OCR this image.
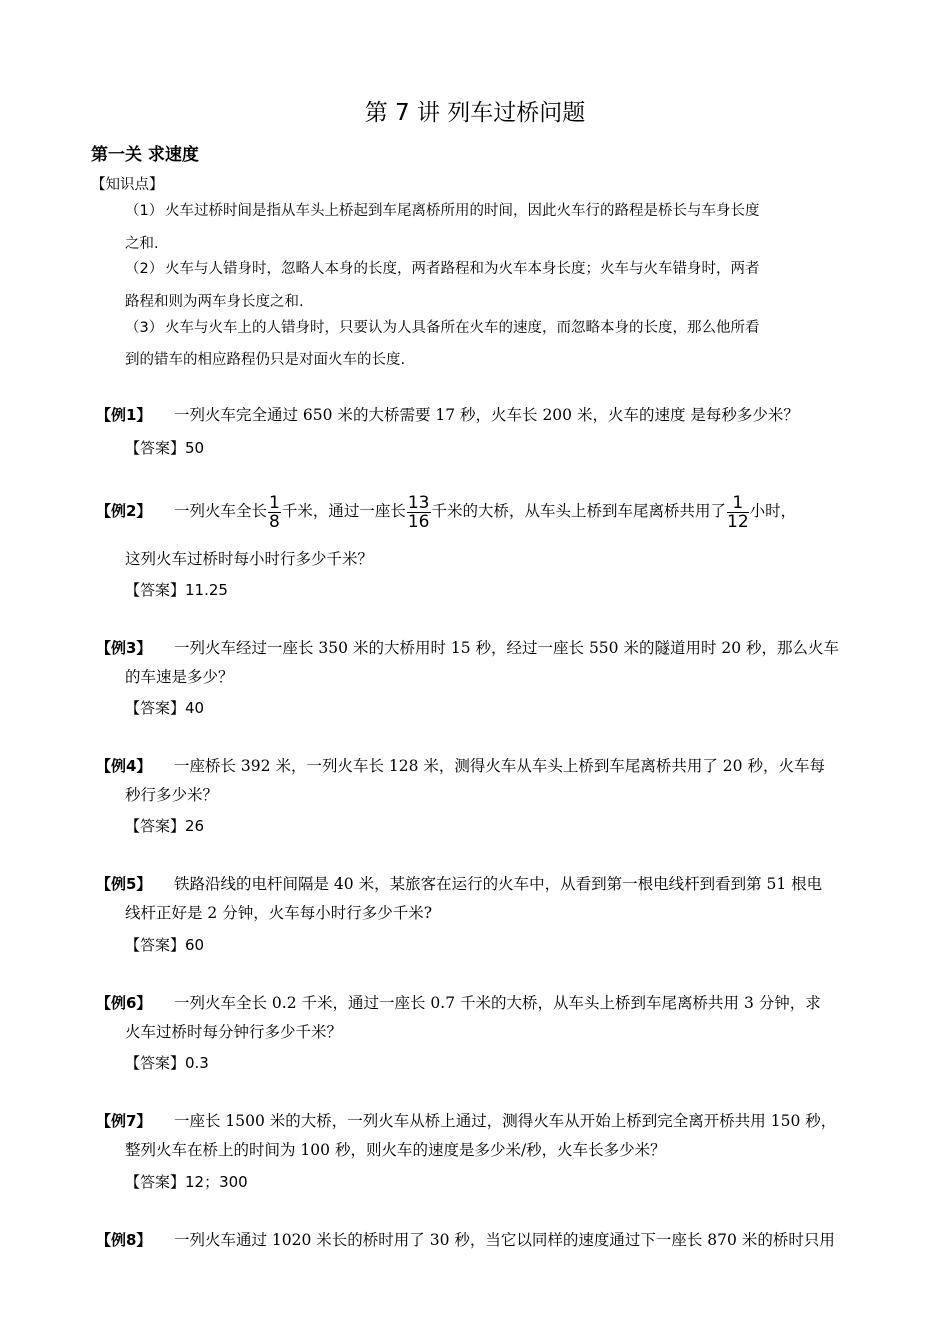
第 7 讲 列车过桥问题
第一关 求速度
【知识点】
（1） 火车过桥时间是指从车头上桥起到车尾离桥所用的时间，因此火车行的路程是桥长与车身长度
之和.
（2） 火车与人错身时，忽略人本身的长度，两者路程和为火车本身长度；火车与火车错身时，两者
路程和则为两车身长度之和.
（3） 火车与火车上的人错身时，只要认为人具备所在火车的速度，而忽略本身的长度，那么他所看
到的错车的相应路程仍只是对面火车的长度.
【例1】 一列火车完全通过 650 米的大桥需要 17 秒，火车长 200 米，火车的速度 是每秒多少米？
【答案】50
【例2】 一列火车全长 $\frac{1}{8}$ 千米，通过一座长 $\frac{13}{16}$ 千米的大桥，从车头上桥到车尾离桥共用了 $\frac{1}{12}$ 小时，
这列火车过桥时每小时行多少千米？
【答案】11.25
【例3】 一列火车经过一座长 350 米的大桥用时 15 秒，经过一座长 550 米的隧道用时 20 秒，那么火车
的车速是多少？
【答案】40
【例4】 一座桥长 392 米，一列火车长 128 米，测得火车从车头上桥到车尾离桥共用了 20 秒，火车每
秒行多少米？
【答案】26
【例5】 铁路沿线的电杆间隔是 40 米，某旅客在运行的火车中，从看到第一根电线杆到看到第 51 根电
线杆正好是 2 分钟，火车每小时行多少千米?
【答案】60
【例6】 一列火车全长 0.2 千米，通过一座长 0.7 千米的大桥，从车头上桥到车尾离桥共用 3 分钟，求
火车过桥时每分钟行多少千米？
【答案】0.3
【例7】 一座长 1500 米的大桥，一列火车从桥上通过，测得火车从开始上桥到完全离开桥共用 150 秒，
整列火车在桥上的时间为 100 秒，则火车的速度是多少米/秒，火车长多少米？
【答案】12；300
【例8】 一列火车通过 1020 米长的桥时用了 30 秒，当它以同样的速度通过下一座长 870 米的桥时只用
